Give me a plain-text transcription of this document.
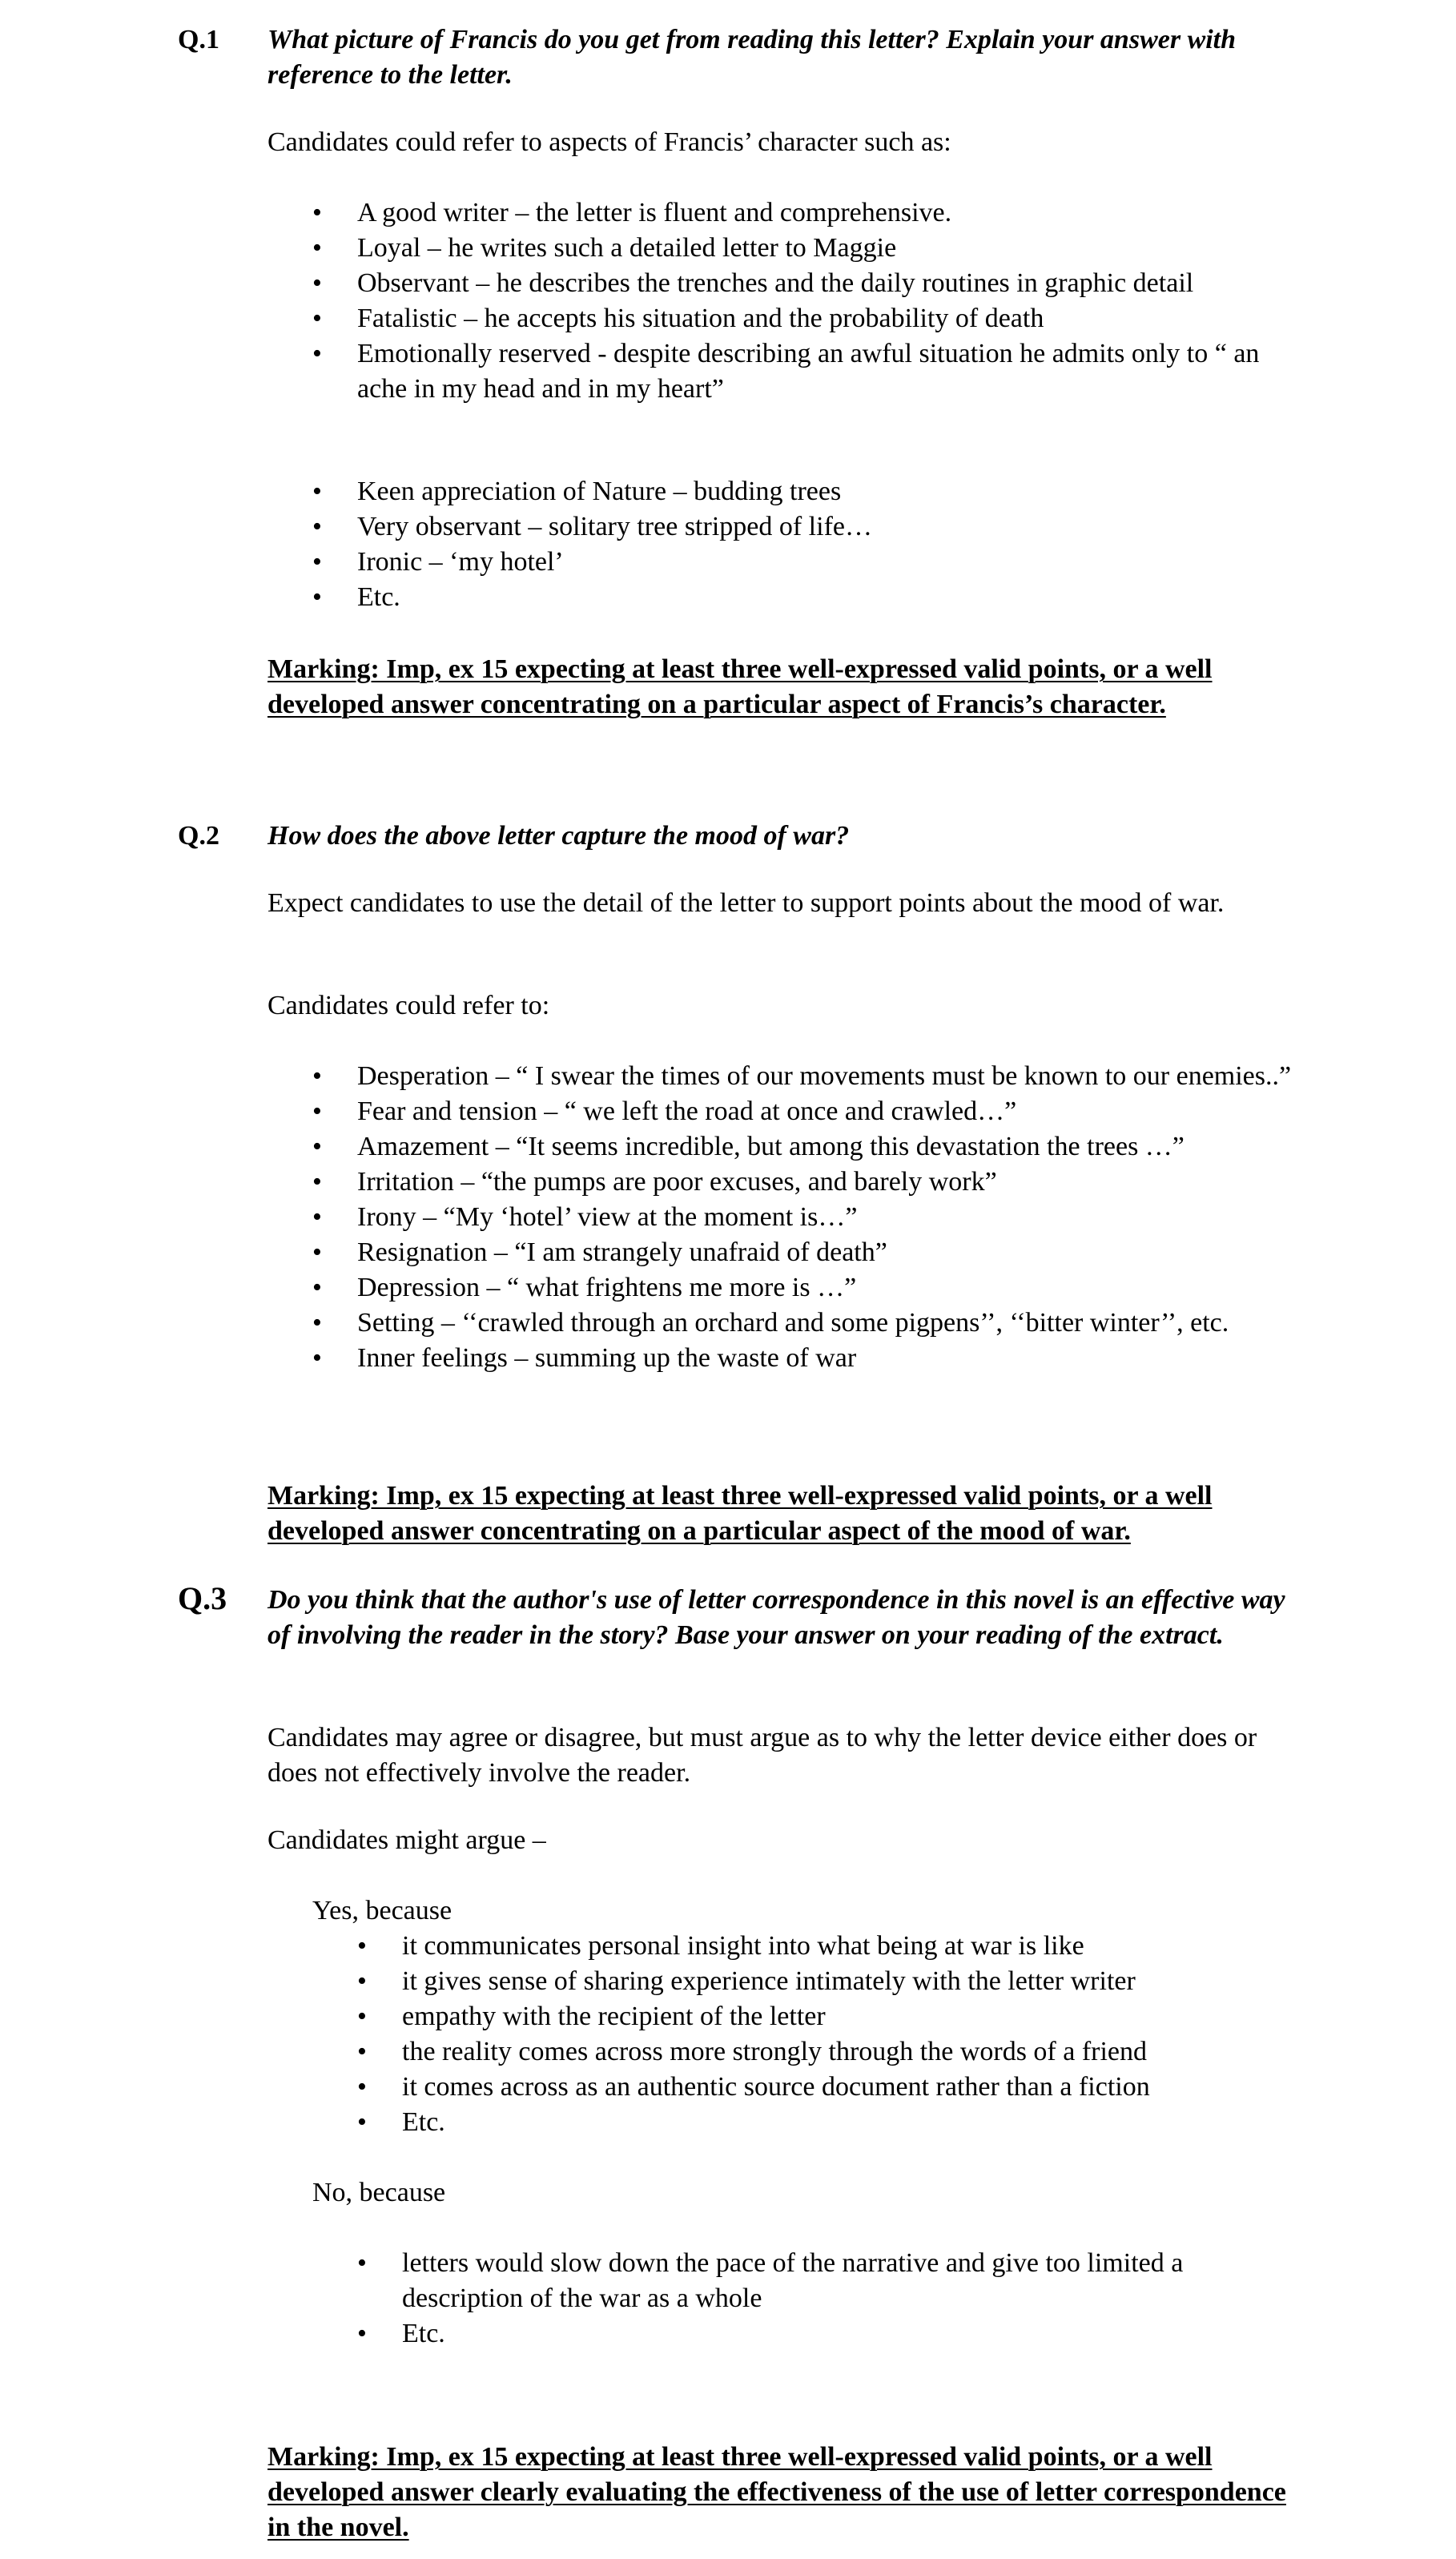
Q.1 What picture of Francis do you get from reading this letter? Explain your answer with reference to the letter.
Candidates could refer to aspects of Francis’ character such as:
• A good writer – the letter is fluent and comprehensive.
• Loyal – he writes such a detailed letter to Maggie
• Observant – he describes the trenches and the daily routines in graphic detail
• Fatalistic – he accepts his situation and the probability of death
• Emotionally reserved - despite describing an awful situation he admits only to “ an ache in my head and in my heart”
• Keen appreciation of Nature – budding trees
• Very observant – solitary tree stripped of life…
• Ironic – ‘my hotel’
• Etc.
Marking: Imp, ex 15 expecting at least three well-expressed valid points, or a well developed answer concentrating on a particular aspect of Francis’s character.
Q.2 How does the above letter capture the mood of war?
Expect candidates to use the detail of the letter to support points about the mood of war.
Candidates could refer to:
• Desperation – “ I swear the times of our movements must be known to our enemies..”
• Fear and tension – “ we left the road at once and crawled…”
• Amazement – “It seems incredible, but among this devastation the trees …”
• Irritation – “the pumps are poor excuses, and barely work”
• Irony – “My ‘hotel’ view at the moment is…”
• Resignation – “I am strangely unafraid of death”
• Depression – “ what frightens me more is …”
• Setting – ‘‘crawled through an orchard and some pigpens’’, ‘‘bitter winter’’, etc.
• Inner feelings – summing up the waste of war
Marking: Imp, ex 15 expecting at least three well-expressed valid points, or a well developed answer concentrating on a particular aspect of the mood of war.
Q.3 Do you think that the author's use of letter correspondence in this novel is an effective way of involving the reader in the story? Base your answer on your reading of the extract.
Candidates may agree or disagree, but must argue as to why the letter device either does or does not effectively involve the reader.
Candidates might argue –
Yes, because
• it communicates personal insight into what being at war is like
• it gives sense of sharing experience intimately with the letter writer
• empathy with the recipient of the letter
• the reality comes across more strongly through the words of a friend
• it comes across as an authentic source document rather than a fiction
• Etc.
No, because
• letters would slow down the pace of the narrative and give too limited a description of the war as a whole
• Etc.
Marking: Imp, ex 15 expecting at least three well-expressed valid points, or a well developed answer clearly evaluating the effectiveness of the use of letter correspondence in the novel.
